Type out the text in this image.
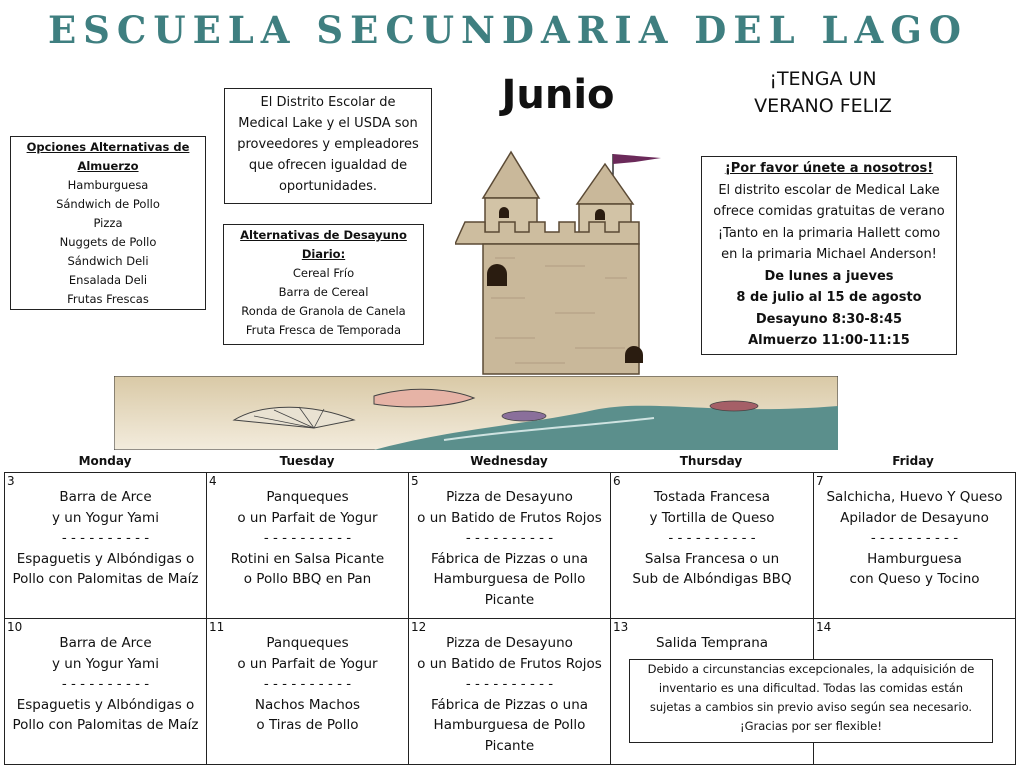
ESCUELA SECUNDARIA DEL LAGO
Junio	¡TENGA UN
VERANO FELIZ
Opciones Alternativas de
Almuerzo
Hamburguesa
Sándwich de Pollo
Pizza
Nuggets de Pollo
Sándwich Deli
Ensalada Deli
Frutas Frescas
El Distrito Escolar de
Medical Lake y el USDA son
proveedores y empleadores
que ofrecen igualdad de
oportunidades.
Alternativas de Desayuno
Diario:
Cereal Frío
Barra de Cereal
Ronda de Granola de Canela
Fruta Fresca de Temporada
¡Por favor únete a nosotros!
El distrito escolar de Medical Lake
ofrece comidas gratuitas de verano
¡Tanto en la primaria Hallett como
en la primaria Michael Anderson!
De lunes a jueves
8 de julio al 15 de agosto
Desayuno 8:30-8:45
Almuerzo 11:00-11:15
Monday	Tuesday	Wednesday	Thursday	Friday
3
Barra de Arce
y un Yogur Yami
- - - - - - - - - -
Espaguetis y Albóndigas o
Pollo con Palomitas de Maíz
4
Panqueques
o un Parfait de Yogur
- - - - - - - - - -
Rotini en Salsa Picante
o Pollo BBQ en Pan
5
Pizza de Desayuno
o un Batido de Frutos Rojos
- - - - - - - - - -
Fábrica de Pizzas o una
Hamburguesa de Pollo
Picante
6
Tostada Francesa
y Tortilla de Queso
- - - - - - - - - -
Salsa Francesa o un
Sub de Albóndigas BBQ
7
Salchicha, Huevo Y Queso
Apilador de Desayuno
- - - - - - - - - -
Hamburguesa
con Queso y Tocino
10
Barra de Arce
y un Yogur Yami
- - - - - - - - - -
Espaguetis y Albóndigas o
Pollo con Palomitas de Maíz
11
Panqueques
o un Parfait de Yogur
- - - - - - - - - -
Nachos Machos
o Tiras de Pollo
12
Pizza de Desayuno
o un Batido de Frutos Rojos
- - - - - - - - - -
Fábrica de Pizzas o una
Hamburguesa de Pollo
Picante
13
Salida Temprana
14
Debido a circunstancias excepcionales, la adquisición de
inventario es una dificultad. Todas las comidas están
sujetas a cambios sin previo aviso según sea necesario.
¡Gracias por ser flexible!
